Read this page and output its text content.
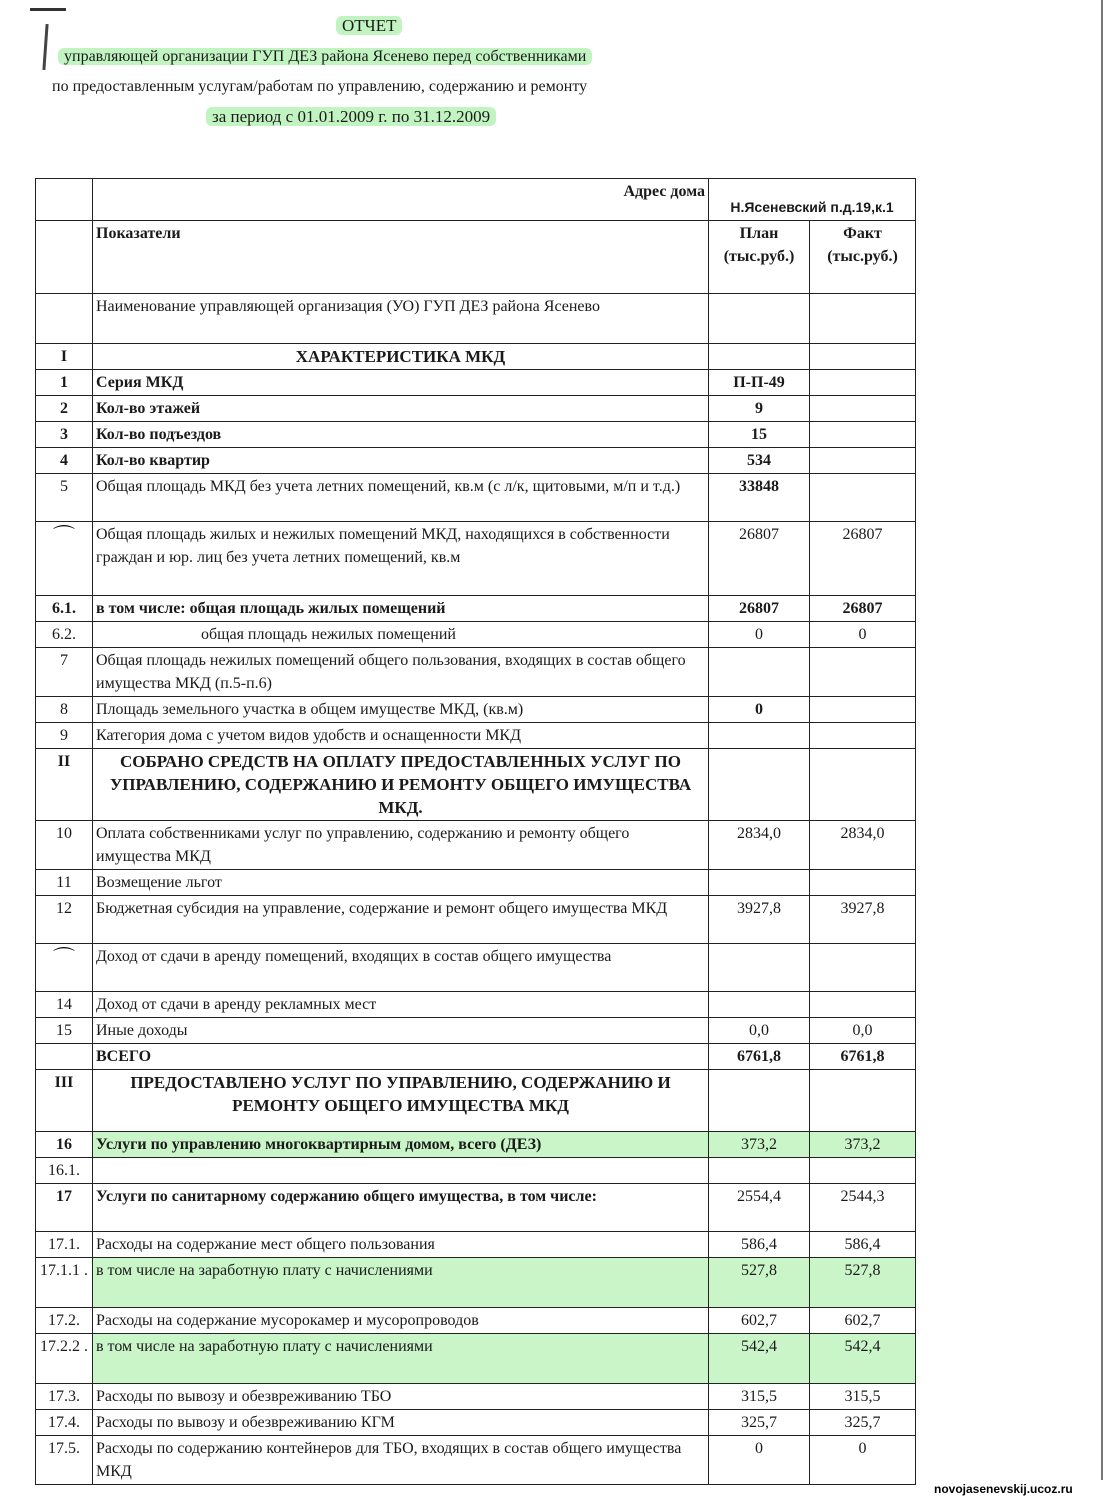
ОТЧЕТ
управляющей организации ГУП ДЕЗ района Ясенево перед собственниками
по предоставленным услугам/работам по управлению, содержанию и ремонту
за период с 01.01.2009 г. по 31.12.2009
	Адрес дома	Н.Ясеневский п.д.19,к.1	
	Показатели	План (тыс.руб.)	Факт (тыс.руб.)
	Наименование управляющей организация (УО) ГУП ДЕЗ района Ясенево		
I	ХАРАКТЕРИСТИКА МКД		
1	Серия МКД	П-П-49	
2	Кол-во этажей	9	
3	Кол-во подъездов	15	
4	Кол-во квартир	534	
5	Общая площадь МКД без учета летних помещений, кв.м (с л/к, щитовыми, м/п и т.д.)	33848	
⌒	Общая площадь жилых и нежилых помещений МКД, находящихся в собственности граждан и юр. лиц без учета летних помещений, кв.м	26807	26807
6.1.	в том числе: общая площадь жилых помещений	26807	26807
6.2.	общая площадь нежилых помещений	0	0
7	Общая площадь нежилых помещений общего пользования, входящих в состав общего имущества МКД (п.5-п.6)		
8	Площадь земельного участка в общем имуществе МКД, (кв.м)	0	
9	Категория дома с учетом видов удобств и оснащенности МКД		
II	СОБРАНО СРЕДСТВ НА ОПЛАТУ ПРЕДОСТАВЛЕННЫХ УСЛУГ ПО УПРАВЛЕНИЮ, СОДЕРЖАНИЮ И РЕМОНТУ ОБЩЕГО ИМУЩЕСТВА МКД.		
10	Оплата собственниками услуг по управлению, содержанию и ремонту общего имущества МКД	2834,0	2834,0
11	Возмещение льгот		
12	Бюджетная субсидия на управление, содержание и ремонт общего имущества МКД	3927,8	3927,8
⌒	Доход от сдачи в аренду помещений, входящих в состав общего имущества		
14	Доход от сдачи в аренду рекламных мест		
15	Иные доходы	0,0	0,0
	ВСЕГО	6761,8	6761,8
III	ПРЕДОСТАВЛЕНО УСЛУГ ПО УПРАВЛЕНИЮ, СОДЕРЖАНИЮ И РЕМОНТУ ОБЩЕГО ИМУЩЕСТВА МКД		
16	Услуги по управлению многоквартирным домом, всего (ДЕЗ)	373,2	373,2
16.1.			
17	Услуги по санитарному содержанию общего имущества, в том числе:	2554,4	2544,3
17.1.	Расходы на содержание мест общего пользования	586,4	586,4
17.1.1 .	в том числе на заработную плату с начислениями	527,8	527,8
17.2.	Расходы на содержание мусорокамер и мусоропроводов	602,7	602,7
17.2.2 .	в том числе на заработную плату с начислениями	542,4	542,4
17.3.	Расходы по вывозу и обезвреживанию ТБО	315,5	315,5
17.4.	Расходы по вывозу и обезвреживанию КГМ	325,7	325,7
17.5.	Расходы по содержанию контейнеров для ТБО, входящих в состав общего имущества МКД	0	0
novojasenevskij.ucoz.ru
